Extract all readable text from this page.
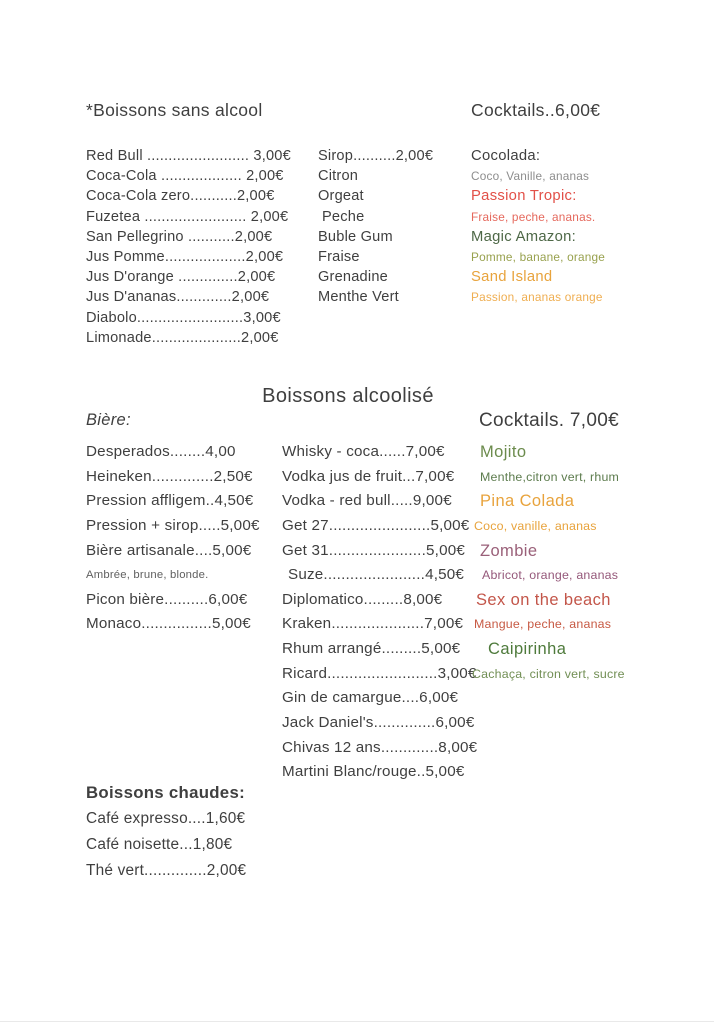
*Boissons sans alcool	Cocktails..6,00€
Red Bull ........................ 3,00€
Coca-Cola ................... 2,00€
Coca-Cola zero...........2,00€
Fuzetea ........................ 2,00€
San Pellegrino ...........2,00€
Jus Pomme...................2,00€
Jus D'orange ..............2,00€
Jus D'ananas.............2,00€
Diabolo.........................3,00€
Limonade.....................2,00€
Sirop..........2,00€
Citron
Orgeat
Peche
Buble Gum
Fraise
Grenadine
Menthe Vert
Cocolada:
Coco, Vanille, ananas
Passion Tropic:
Fraise, peche, ananas.
Magic Amazon:
Pomme, banane, orange
Sand Island
Passion, ananas orange
Boissons alcoolisé
Bière:	Cocktails. 7,00€
Desperados........4,00
Heineken..............2,50€
Pression affligem..4,50€
Pression + sirop.....5,00€
Bière artisanale....5,00€
Ambrée, brune, blonde.
Picon bière..........6,00€
Monaco................5,00€
Whisky - coca......7,00€
Vodka jus de fruit...7,00€
Vodka - red bull.....9,00€
Get 27.......................5,00€
Get 31......................5,00€
Suze.......................4,50€
Diplomatico.........8,00€
Kraken.....................7,00€
Rhum arrangé.........5,00€
Ricard.........................3,00€
Gin de camargue....6,00€
Jack Daniel's..............6,00€
Chivas 12 ans.............8,00€
Martini Blanc/rouge..5,00€
Mojito
Menthe,citron vert, rhum
Pina Colada
Coco, vanille, ananas
Zombie
Abricot, orange, ananas
Sex on the beach
Mangue, peche, ananas
Caipirinha
Cachaça, citron vert, sucre
Boissons chaudes:
Café expresso....1,60€
Café noisette...1,80€
Thé vert..............2,00€
